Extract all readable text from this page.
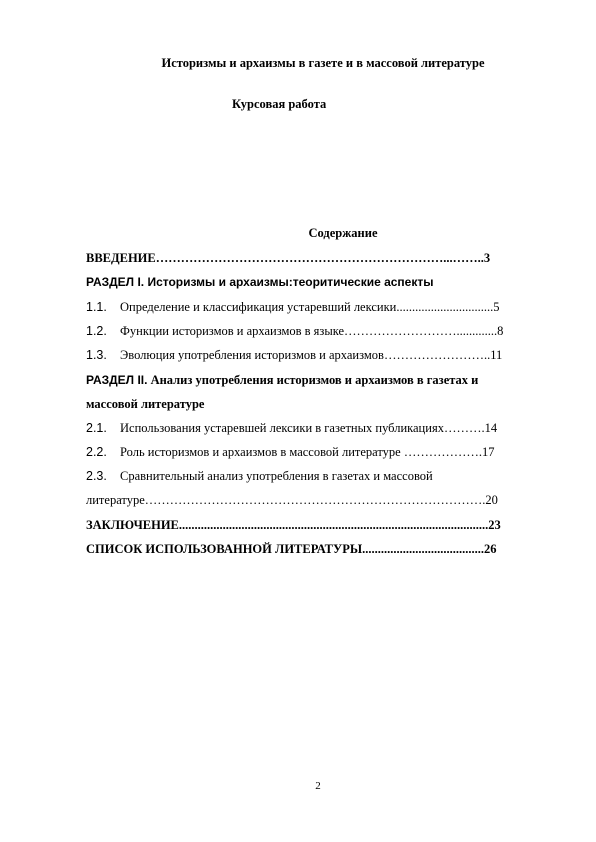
Историзмы и архаизмы в газете и в массовой литературе
Курсовая работа
Содержание
ВВЕДЕНИЕ……………………………………………………………...……..3
РАЗДЕЛ I. Историзмы и архаизмы:теоритические аспекты
1.1. Определение и классификация устаревший лексики...............................5
1.2. Функции историзмов и архаизмов в языке……………………….............8
1.3. Эволюция употребления историзмов и архаизмов……………………..11
РАЗДЕЛ II. Анализ употребления историзмов и архаизмов в газетах и
массовой литературе
2.1. Использования устаревшей лексики в газетных публикациях……….14
2.2. Роль историзмов и архаизмов в массовой литературе ……………….17
2.3. Сравнительный анализ употребления в газетах и массовой
литературе……………………………………………………………………….20
ЗАКЛЮЧЕНИЕ...................................................................................................23
СПИСОК ИСПОЛЬЗОВАННОЙ ЛИТЕРАТУРЫ.......................................26
2
